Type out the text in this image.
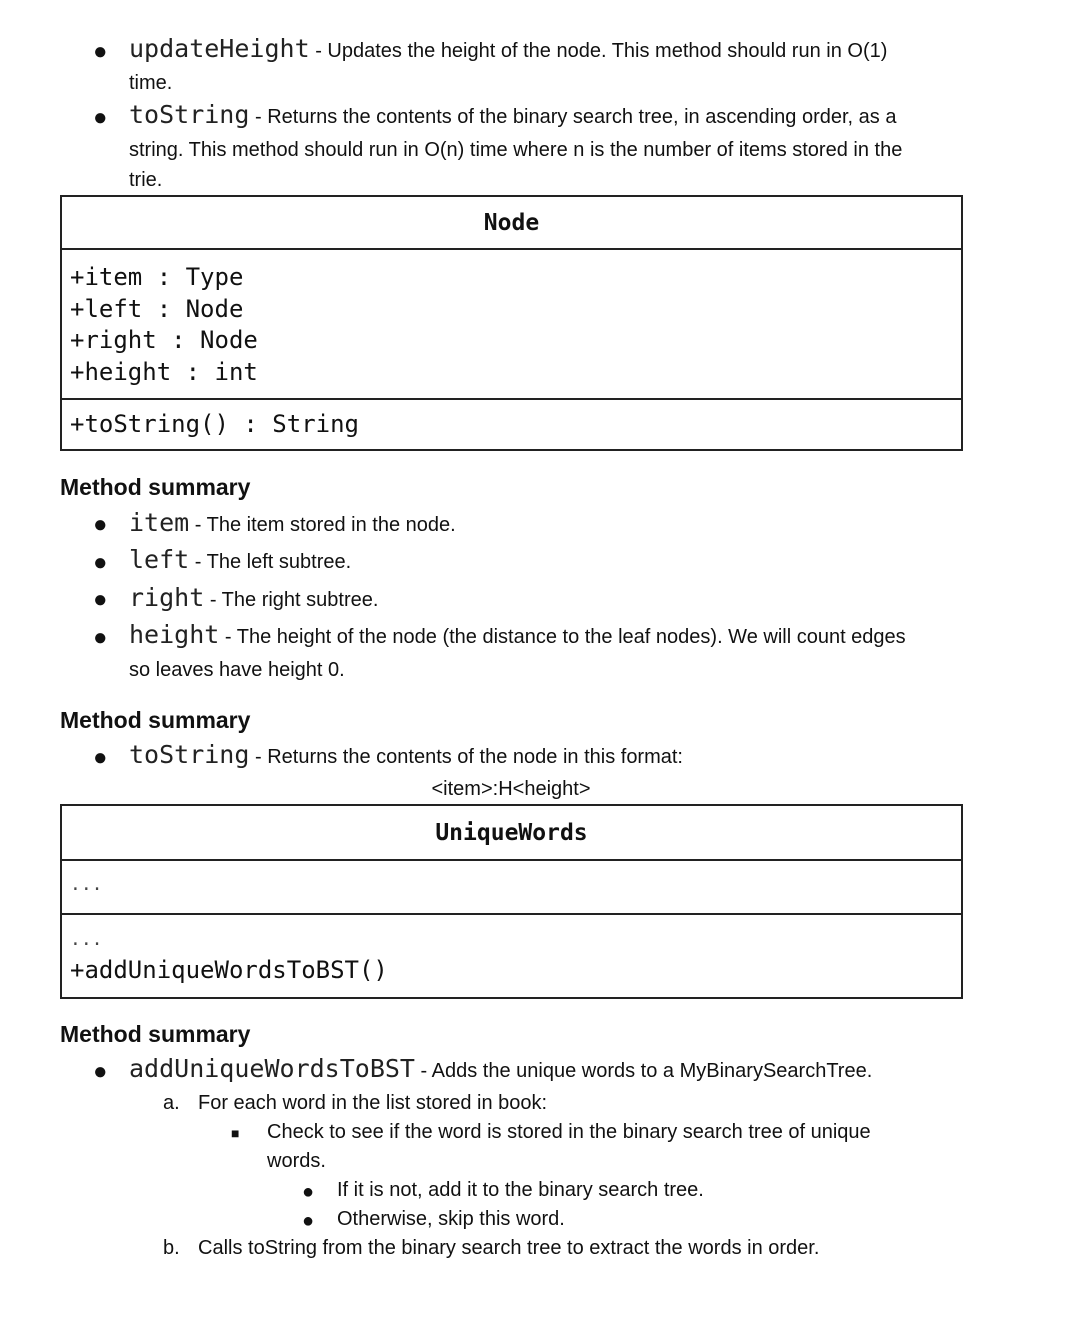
● updateHeight - Updates the height of the node. This method should run in O(1)
time.
● toString - Returns the contents of the binary search tree, in ascending order, as a
string. This method should run in O(n) time where n is the number of items stored in the
trie.
Node
+item : Type
+left : Node
+right : Node
+height : int
+toString() : String
Method summary
● item - The item stored in the node.
● left - The left subtree.
● right - The right subtree.
● height - The height of the node (the distance to the leaf nodes). We will count edges
so leaves have height 0.
Method summary
● toString - Returns the contents of the node in this format:
<item>:H<height>
UniqueWords
...
...
+addUniqueWordsToBST()
Method summary
● addUniqueWordsToBST - Adds the unique words to a MyBinarySearchTree.
a. For each word in the list stored in book:
■ Check to see if the word is stored in the binary search tree of unique
words.
● If it is not, add it to the binary search tree.
● Otherwise, skip this word.
b. Calls toString from the binary search tree to extract the words in order.
